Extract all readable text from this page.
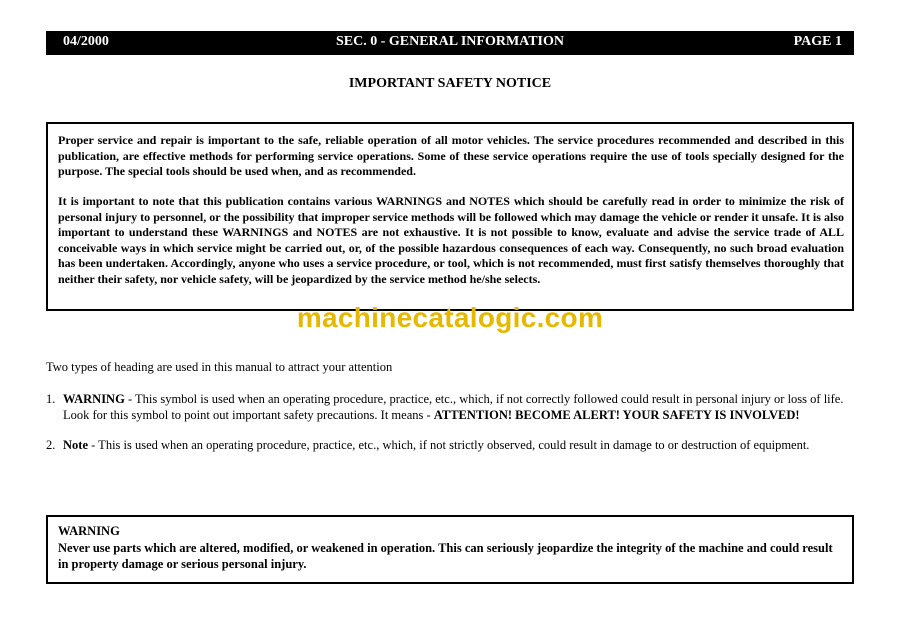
04/2000	SEC. 0 - GENERAL INFORMATION	PAGE 1
IMPORTANT SAFETY NOTICE

Proper service and repair is important to the safe, reliable operation of all motor vehicles. The service procedures recommended and described in this publication, are effective methods for performing service operations. Some of these service operations require the use of tools specially designed for the purpose. The special tools should be used when, and as recommended.

It is important to note that this publication contains various WARNINGS and NOTES which should be carefully read in order to minimize the risk of personal injury to personnel, or the possibility that improper service methods will be followed which may damage the vehicle or render it unsafe. It is also important to understand these WARNINGS and NOTES are not exhaustive. It is not possible to know, evaluate and advise the service trade of ALL conceivable ways in which service might be carried out, or, of the possible hazardous consequences of each way. Consequently, no such broad evaluation has been undertaken. Accordingly, anyone who uses a service procedure, or tool, which is not recommended, must first satisfy themselves thoroughly that neither their safety, nor vehicle safety, will be jeopardized by the service method he/she selects.

machinecatalogic.com
Two types of heading are used in this manual to attract your attention
1. WARNING - This symbol is used when an operating procedure, practice, etc., which, if not correctly followed could result in personal injury or loss of life. Look for this symbol to point out important safety precautions. It means - ATTENTION! BECOME ALERT! YOUR SAFETY IS INVOLVED!
2. Note - This is used when an operating procedure, practice, etc., which, if not strictly observed, could result in damage to or destruction of equipment.
WARNING
Never use parts which are altered, modified, or weakened in operation. This can seriously jeopardize the integrity of the machine and could result in property damage or serious personal injury.
